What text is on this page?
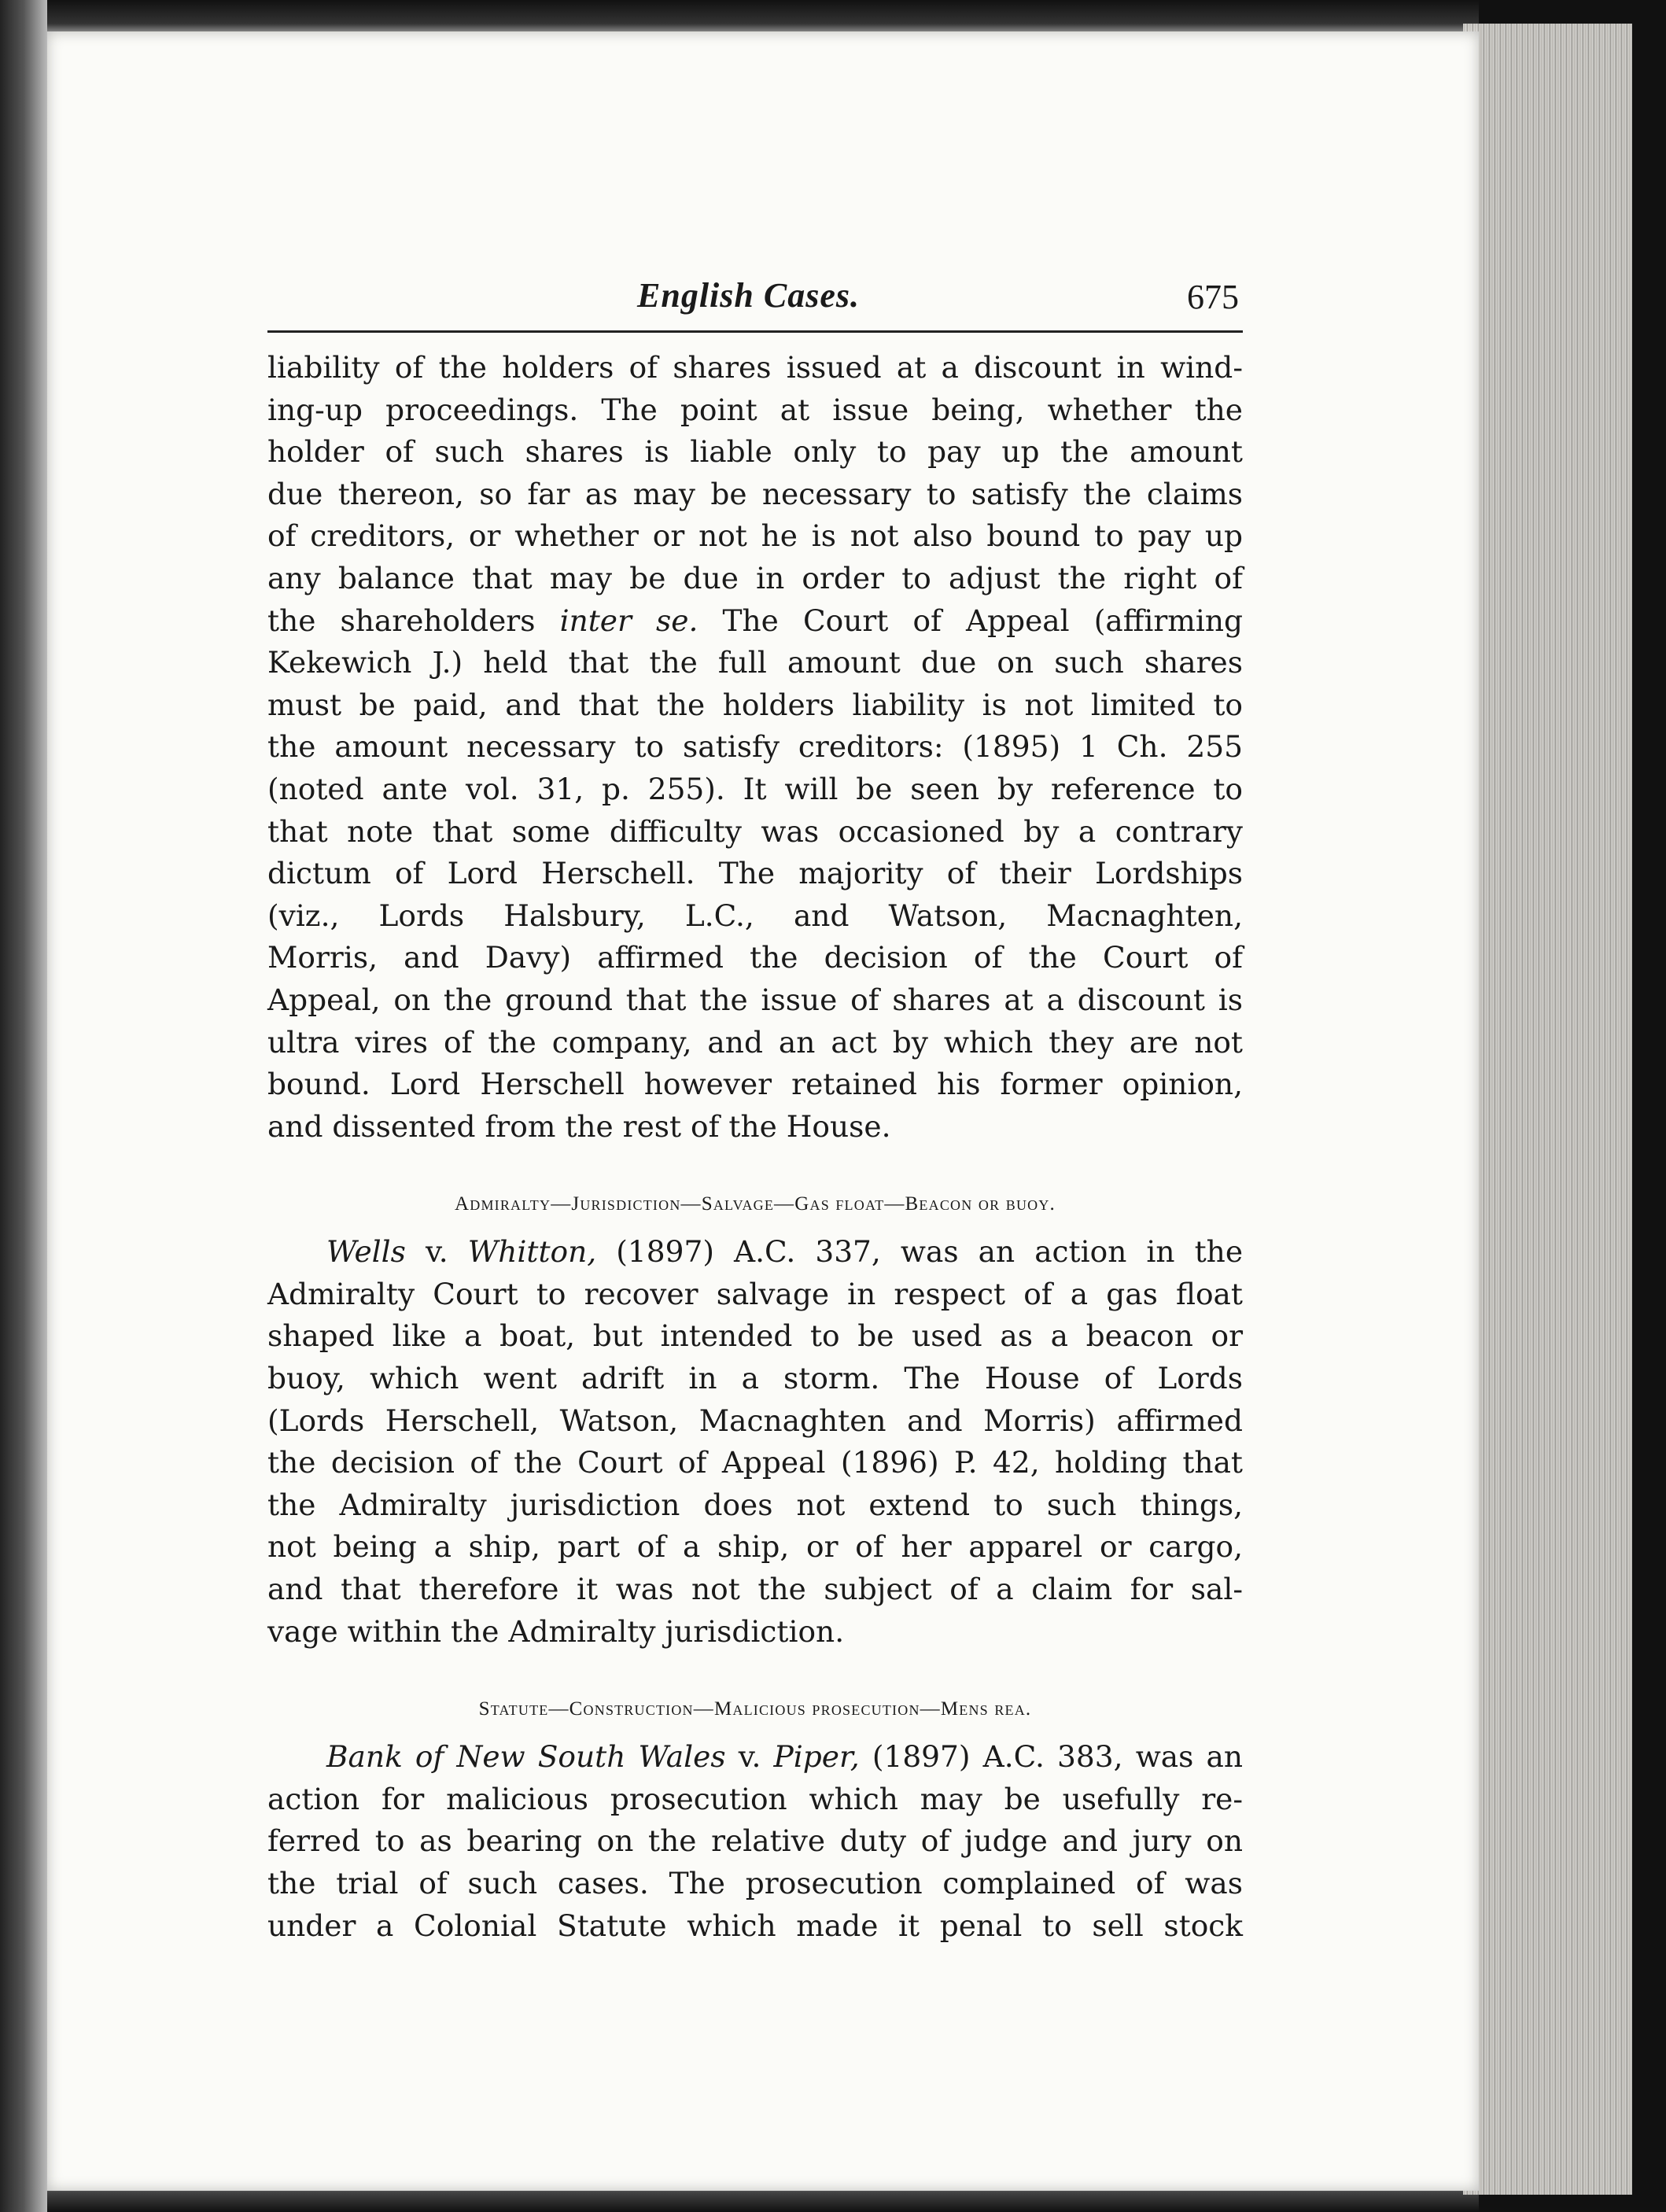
English Cases.	675

liability of the holders of shares issued at a discount in wind-
ing-up proceedings. The point at issue being, whether the
holder of such shares is liable only to pay up the amount
due thereon, so far as may be necessary to satisfy the claims
of creditors, or whether or not he is not also bound to pay up
any balance that may be due in order to adjust the right of
the shareholders inter se. The Court of Appeal (affirming
Kekewich J.) held that the full amount due on such shares
must be paid, and that the holders liability is not limited to
the amount necessary to satisfy creditors: (1895) 1 Ch. 255
(noted ante vol. 31, p. 255). It will be seen by reference to
that note that some difficulty was occasioned by a contrary
dictum of Lord Herschell. The majority of their Lordships
(viz., Lords Halsbury, L.C., and Watson, Macnaghten,
Morris, and Davy) affirmed the decision of the Court of
Appeal, on the ground that the issue of shares at a discount is
ultra vires of the company, and an act by which they are not
bound. Lord Herschell however retained his former opinion,
and dissented from the rest of the House.

Admiralty—Jurisdiction—Salvage—Gas float—Beacon or buoy.

Wells v. Whitton, (1897) A.C. 337, was an action in the
Admiralty Court to recover salvage in respect of a gas float
shaped like a boat, but intended to be used as a beacon or
buoy, which went adrift in a storm. The House of Lords
(Lords Herschell, Watson, Macnaghten and Morris) affirmed
the decision of the Court of Appeal (1896) P. 42, holding that
the Admiralty jurisdiction does not extend to such things,
not being a ship, part of a ship, or of her apparel or cargo,
and that therefore it was not the subject of a claim for sal-
vage within the Admiralty jurisdiction.

Statute—Construction—Malicious prosecution—Mens rea.

Bank of New South Wales v. Piper, (1897) A.C. 383, was an
action for malicious prosecution which may be usefully re-
ferred to as bearing on the relative duty of judge and jury on
the trial of such cases. The prosecution complained of was
under a Colonial Statute which made it penal to sell stock
